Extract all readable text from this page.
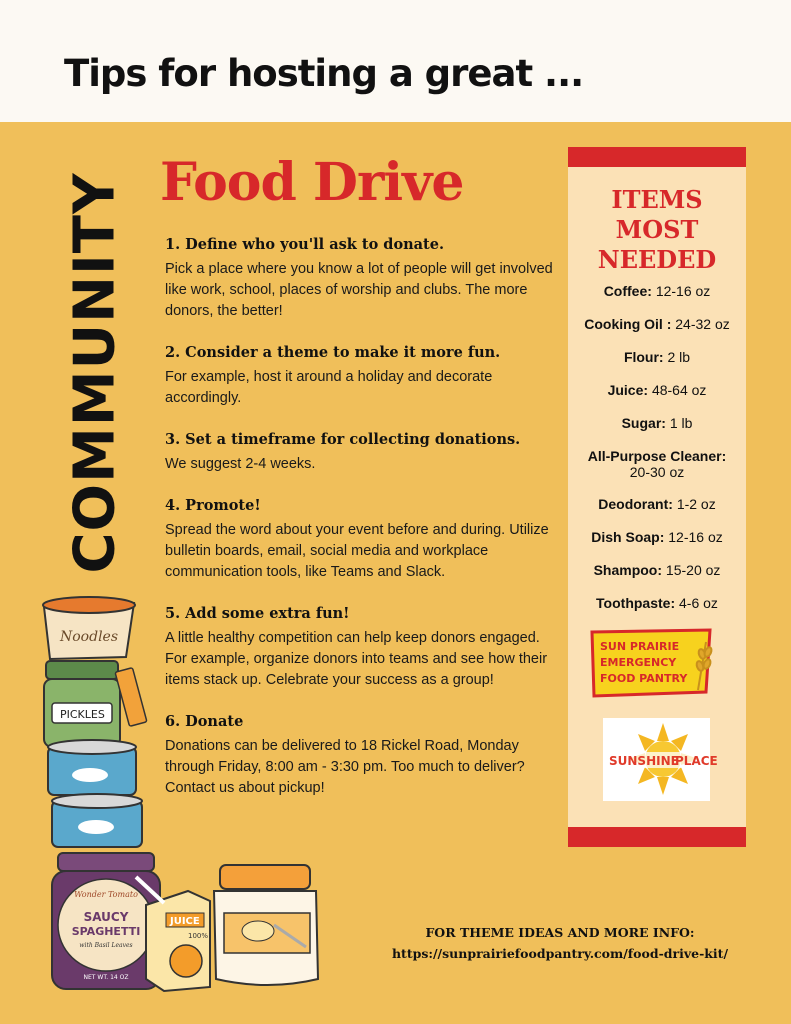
Tips for hosting a great ...
COMMUNITY Food Drive
1. Define who you'll ask to donate.
Pick a place where you know a lot of people will get involved like work, school, places of worship and clubs. The more donors, the better!
2. Consider a theme to make it more fun.
For example, host it around a holiday and decorate accordingly.
3. Set a timeframe for collecting donations.
We suggest 2-4 weeks.
4. Promote!
Spread the word about your event before and during. Utilize bulletin boards, email, social media and workplace communication tools, like Teams and Slack.
5. Add some extra fun!
A little healthy competition can help keep donors engaged. For example, organize donors into teams and see how their items stack up. Celebrate your success as a group!
6. Donate
Donations can be delivered to 18 Rickel Road, Monday through Friday, 8:00 am - 3:30 pm. Too much to deliver? Contact us about pickup!
ITEMS
MOST
NEEDED
Coffee: 12-16 oz
Cooking Oil : 24-32 oz
Flour: 2 lb
Juice: 48-64 oz
Sugar: 1 lb
All-Purpose Cleaner:
20-30 oz
Deodorant: 1-2 oz
Dish Soap: 12-16 oz
Shampoo: 15-20 oz
Toothpaste: 4-6 oz
SUN PRAIRIE
EMERGENCY
FOOD PANTRY
SUNSHINE
PLACE
Noodles
PICKLES
Wonder Tomato
SAUCY
SPAGHETTI
with Basil Leaves
NET WT. 14 OZ
JUICE
100%	FOR THEME IDEAS AND MORE INFO:
https://sunprairiefoodpantry.com/food-drive-kit/
